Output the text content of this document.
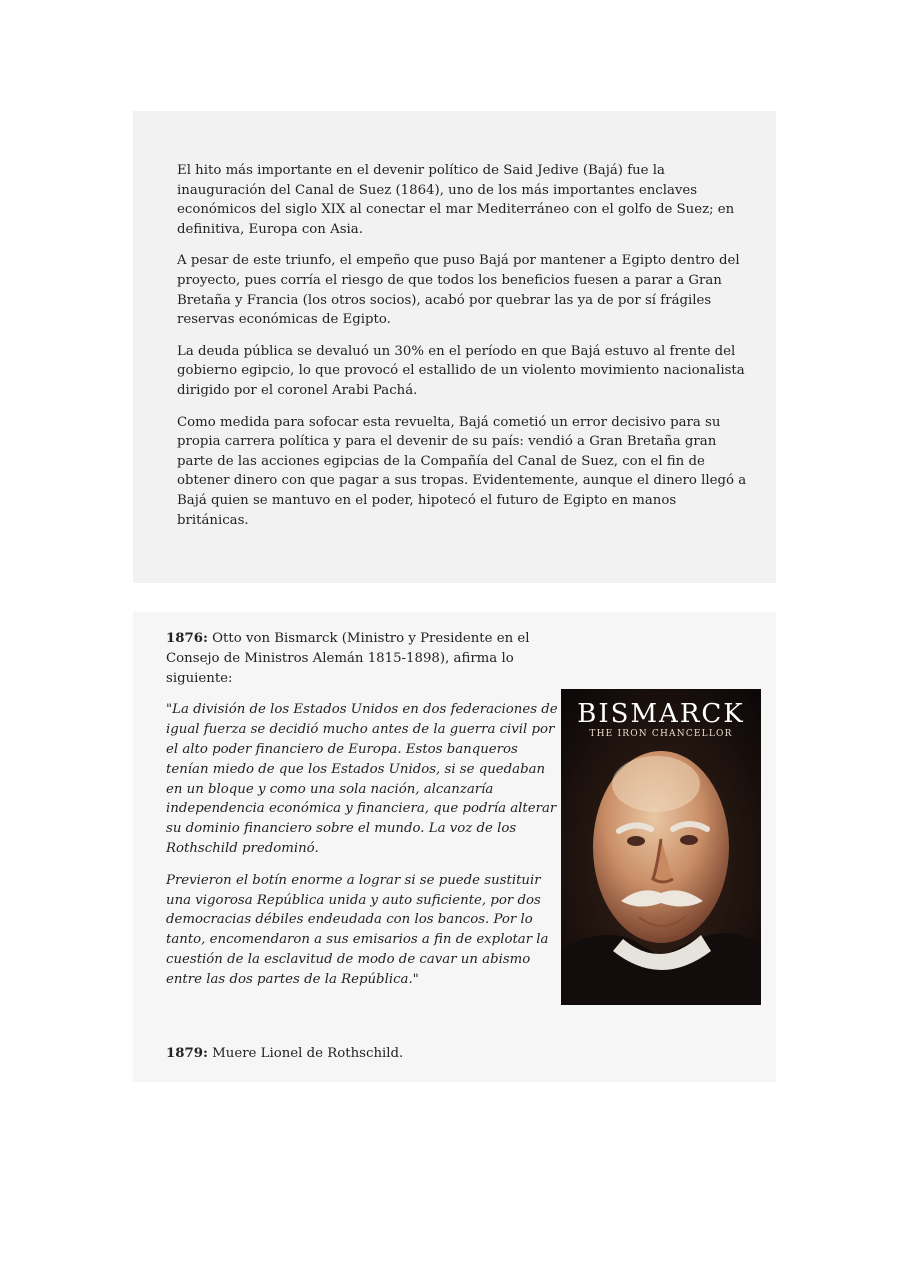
El hito más importante en el devenir político de Said Jedive (Bajá) fue la inauguración del Canal de Suez (1864), uno de los más importantes enclaves económicos del siglo XIX al conectar el mar Mediterráneo con el golfo de Suez; en definitiva, Europa con Asia.

A pesar de este triunfo, el empeño que puso Bajá por mantener a Egipto dentro del proyecto, pues corría el riesgo de que todos los beneficios fuesen a parar a Gran Bretaña y Francia (los otros socios), acabó por quebrar las ya de por sí frágiles reservas económicas de Egipto.

La deuda pública se devaluó un 30% en el período en que Bajá estuvo al frente del gobierno egipcio, lo que provocó el estallido de un violento movimiento nacionalista dirigido por el coronel Arabi Pachá.

Como medida para sofocar esta revuelta, Bajá cometió un error decisivo para su propia carrera política y para el devenir de su país: vendió a Gran Bretaña gran parte de las acciones egipcias de la Compañía del Canal de Suez, con el fin de obtener dinero con que pagar a sus tropas. Evidentemente, aunque el dinero llegó a Bajá quien se mantuvo en el poder, hipotecó el futuro de Egipto en manos británicas.

1876: Otto von Bismarck (Ministro y Presidente en el Consejo de Ministros Alemán 1815-1898), afirma lo siguiente:

"La división de los Estados Unidos en dos federaciones de igual fuerza se decidió mucho antes de la guerra civil por el alto poder financiero de Europa. Estos banqueros tenían miedo de que los Estados Unidos, si se quedaban en un bloque y como una sola nación, alcanzaría independencia económica y financiera, que podría alterar su dominio financiero sobre el mundo. La voz de los Rothschild predominó.

Previeron el botín enorme a lograr si se puede sustituir una vigorosa República unida y auto suficiente, por dos democracias débiles endeudada con los bancos. Por lo tanto, encomendaron a sus emisarios a fin de explotar la cuestión de la esclavitud de modo de cavar un abismo entre las dos partes de la República."

BISMARCK
THE IRON CHANCELLOR

1879: Muere Lionel de Rothschild.
